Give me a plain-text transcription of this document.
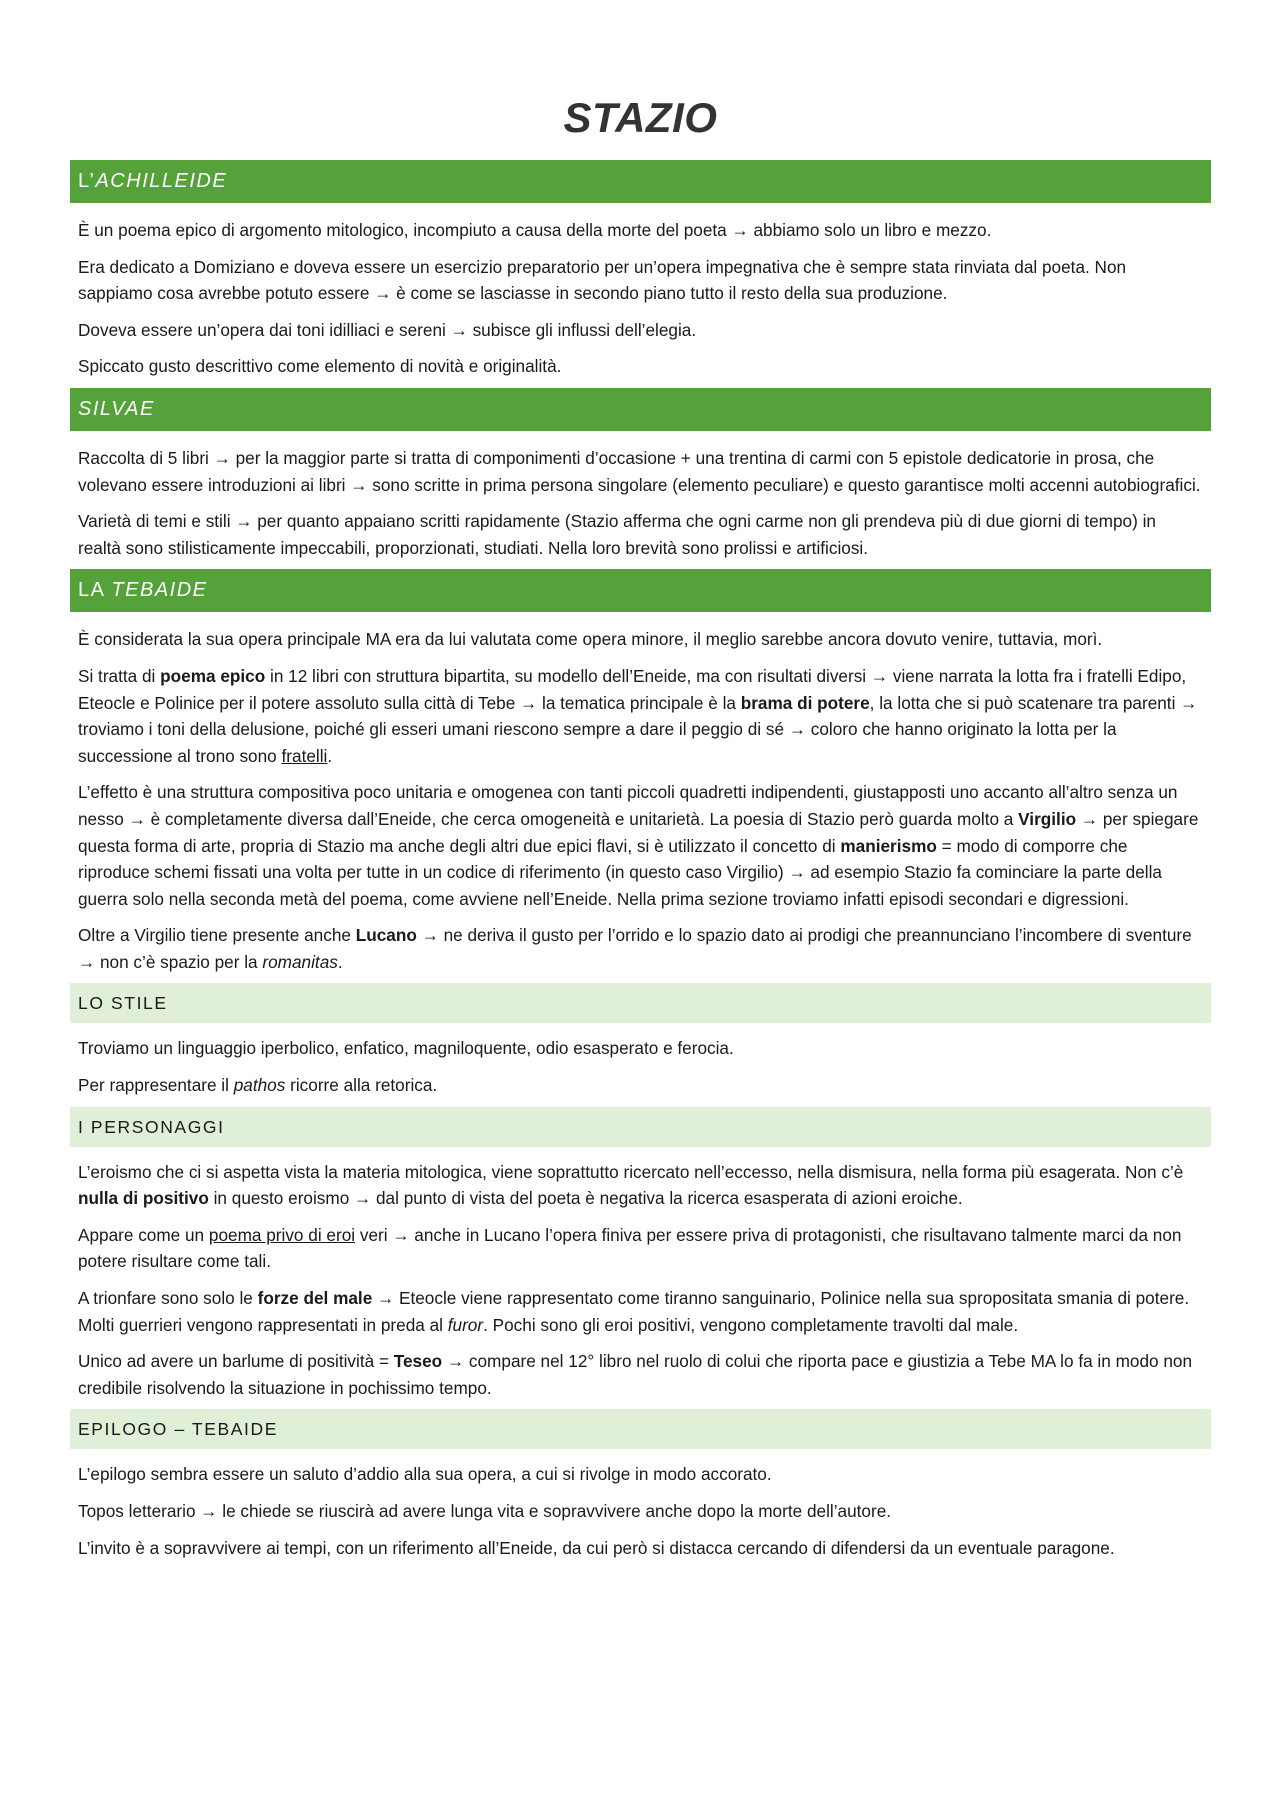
STAZIO
L’ACHILLEIDE

È un poema epico di argomento mitologico, incompiuto a causa della morte del poeta → abbiamo solo un libro e mezzo.

Era dedicato a Domiziano e doveva essere un esercizio preparatorio per un’opera impegnativa che è sempre stata rinviata dal poeta. Non sappiamo cosa avrebbe potuto essere → è come se lasciasse in secondo piano tutto il resto della sua produzione.

Doveva essere un’opera dai toni idilliaci e sereni → subisce gli influssi dell’elegia.

Spiccato gusto descrittivo come elemento di novità e originalità.

SILVAE

Raccolta di 5 libri → per la maggior parte si tratta di componimenti d’occasione + una trentina di carmi con 5 epistole dedicatorie in prosa, che volevano essere introduzioni ai libri → sono scritte in prima persona singolare (elemento peculiare) e questo garantisce molti accenni autobiografici.

Varietà di temi e stili → per quanto appaiano scritti rapidamente (Stazio afferma che ogni carme non gli prendeva più di due giorni di tempo) in realtà sono stilisticamente impeccabili, proporzionati, studiati. Nella loro brevità sono prolissi e artificiosi.

LA TEBAIDE

È considerata la sua opera principale MA era da lui valutata come opera minore, il meglio sarebbe ancora dovuto venire, tuttavia, morì.

Si tratta di poema epico in 12 libri con struttura bipartita, su modello dell’Eneide, ma con risultati diversi → viene narrata la lotta fra i fratelli Edipo, Eteocle e Polinice per il potere assoluto sulla città di Tebe → la tematica principale è la brama di potere, la lotta che si può scatenare tra parenti → troviamo i toni della delusione, poiché gli esseri umani riescono sempre a dare il peggio di sé → coloro che hanno originato la lotta per la successione al trono sono fratelli.

L’effetto è una struttura compositiva poco unitaria e omogenea con tanti piccoli quadretti indipendenti, giustapposti uno accanto all’altro senza un nesso → è completamente diversa dall’Eneide, che cerca omogeneità e unitarietà. La poesia di Stazio però guarda molto a Virgilio → per spiegare questa forma di arte, propria di Stazio ma anche degli altri due epici flavi, si è utilizzato il concetto di manierismo = modo di comporre che riproduce schemi fissati una volta per tutte in un codice di riferimento (in questo caso Virgilio) → ad esempio Stazio fa cominciare la parte della guerra solo nella seconda metà del poema, come avviene nell’Eneide. Nella prima sezione troviamo infatti episodi secondari e digressioni.

Oltre a Virgilio tiene presente anche Lucano → ne deriva il gusto per l’orrido e lo spazio dato ai prodigi che preannunciano l’incombere di sventure → non c’è spazio per la romanitas.

LO STILE

Troviamo un linguaggio iperbolico, enfatico, magniloquente, odio esasperato e ferocia.

Per rappresentare il pathos ricorre alla retorica.

I PERSONAGGI

L’eroismo che ci si aspetta vista la materia mitologica, viene soprattutto ricercato nell’eccesso, nella dismisura, nella forma più esagerata. Non c’è nulla di positivo in questo eroismo → dal punto di vista del poeta è negativa la ricerca esasperata di azioni eroiche.

Appare come un poema privo di eroi veri → anche in Lucano l’opera finiva per essere priva di protagonisti, che risultavano talmente marci da non potere risultare come tali.

A trionfare sono solo le forze del male → Eteocle viene rappresentato come tiranno sanguinario, Polinice nella sua spropositata smania di potere. Molti guerrieri vengono rappresentati in preda al furor. Pochi sono gli eroi positivi, vengono completamente travolti dal male.

Unico ad avere un barlume di positività = Teseo → compare nel 12° libro nel ruolo di colui che riporta pace e giustizia a Tebe MA lo fa in modo non credibile risolvendo la situazione in pochissimo tempo.

EPILOGO – TEBAIDE

L’epilogo sembra essere un saluto d’addio alla sua opera, a cui si rivolge in modo accorato.

Topos letterario → le chiede se riuscirà ad avere lunga vita e sopravvivere anche dopo la morte dell’autore.

L’invito è a sopravvivere ai tempi, con un riferimento all’Eneide, da cui però si distacca cercando di difendersi da un eventuale paragone.
